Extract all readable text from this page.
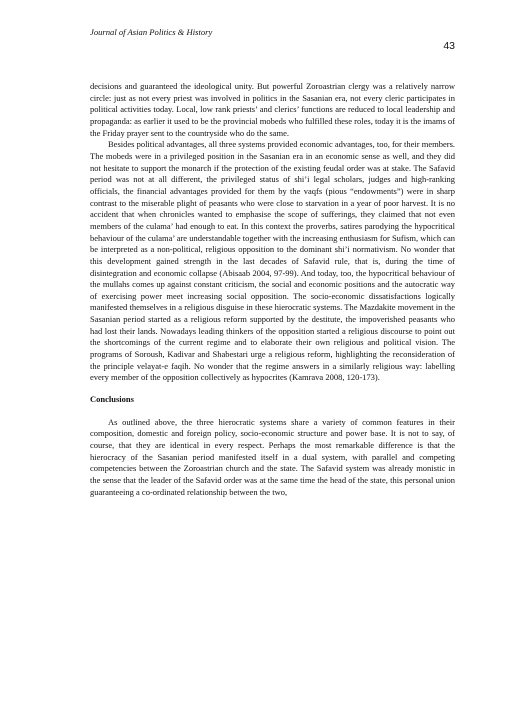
Journal of Asian Politics & History
43

decisions and guaranteed the ideological unity. But powerful Zoroastrian clergy was a relatively narrow circle: just as not every priest was involved in politics in the Sasanian era, not every cleric participates in political activities today. Local, low rank priests’ and clerics’ functions are reduced to local leadership and propaganda: as earlier it used to be the provincial mobeds who fulfilled these roles, today it is the imams of the Friday prayer sent to the countryside who do the same.

Besides political advantages, all three systems provided economic advantages, too, for their members. The mobeds were in a privileged position in the Sasanian era in an economic sense as well, and they did not hesitate to support the monarch if the protection of the existing feudal order was at stake. The Safavid period was not at all different, the privileged status of shi’i legal scholars, judges and high-ranking officials, the financial advantages provided for them by the vaqfs (pious “endowments”) were in sharp contrast to the miserable plight of peasants who were close to starvation in a year of poor harvest. It is no accident that when chronicles wanted to emphasise the scope of sufferings, they claimed that not even members of the culama’ had enough to eat. In this context the proverbs, satires parodying the hypocritical behaviour of the culama’ are understandable together with the increasing enthusiasm for Sufism, which can be interpreted as a non-political, religious opposition to the dominant shi’i normativism. No wonder that this development gained strength in the last decades of Safavid rule, that is, during the time of disintegration and economic collapse (Abisaab 2004, 97-99). And today, too, the hypocritical behaviour of the mullahs comes up against constant criticism, the social and economic positions and the autocratic way of exercising power meet increasing social opposition. The socio-economic dissatisfactions logically manifested themselves in a religious disguise in these hierocratic systems. The Mazdakite movement in the Sasanian period started as a religious reform supported by the destitute, the impoverished peasants who had lost their lands. Nowadays leading thinkers of the opposition started a religious discourse to point out the shortcomings of the current regime and to elaborate their own religious and political vision. The programs of Soroush, Kadivar and Shabestari urge a religious reform, highlighting the reconsideration of the principle velayat-e faqih. No wonder that the regime answers in a similarly religious way: labelling every member of the opposition collectively as hypocrites (Kamrava 2008, 120-173).

Conclusions

As outlined above, the three hierocratic systems share a variety of common features in their composition, domestic and foreign policy, socio-economic structure and power base. It is not to say, of course, that they are identical in every respect. Perhaps the most remarkable difference is that the hierocracy of the Sasanian period manifested itself in a dual system, with parallel and competing competencies between the Zoroastrian church and the state. The Safavid system was already monistic in the sense that the leader of the Safavid order was at the same time the head of the state, this personal union guaranteeing a co-ordinated relationship between the two,
